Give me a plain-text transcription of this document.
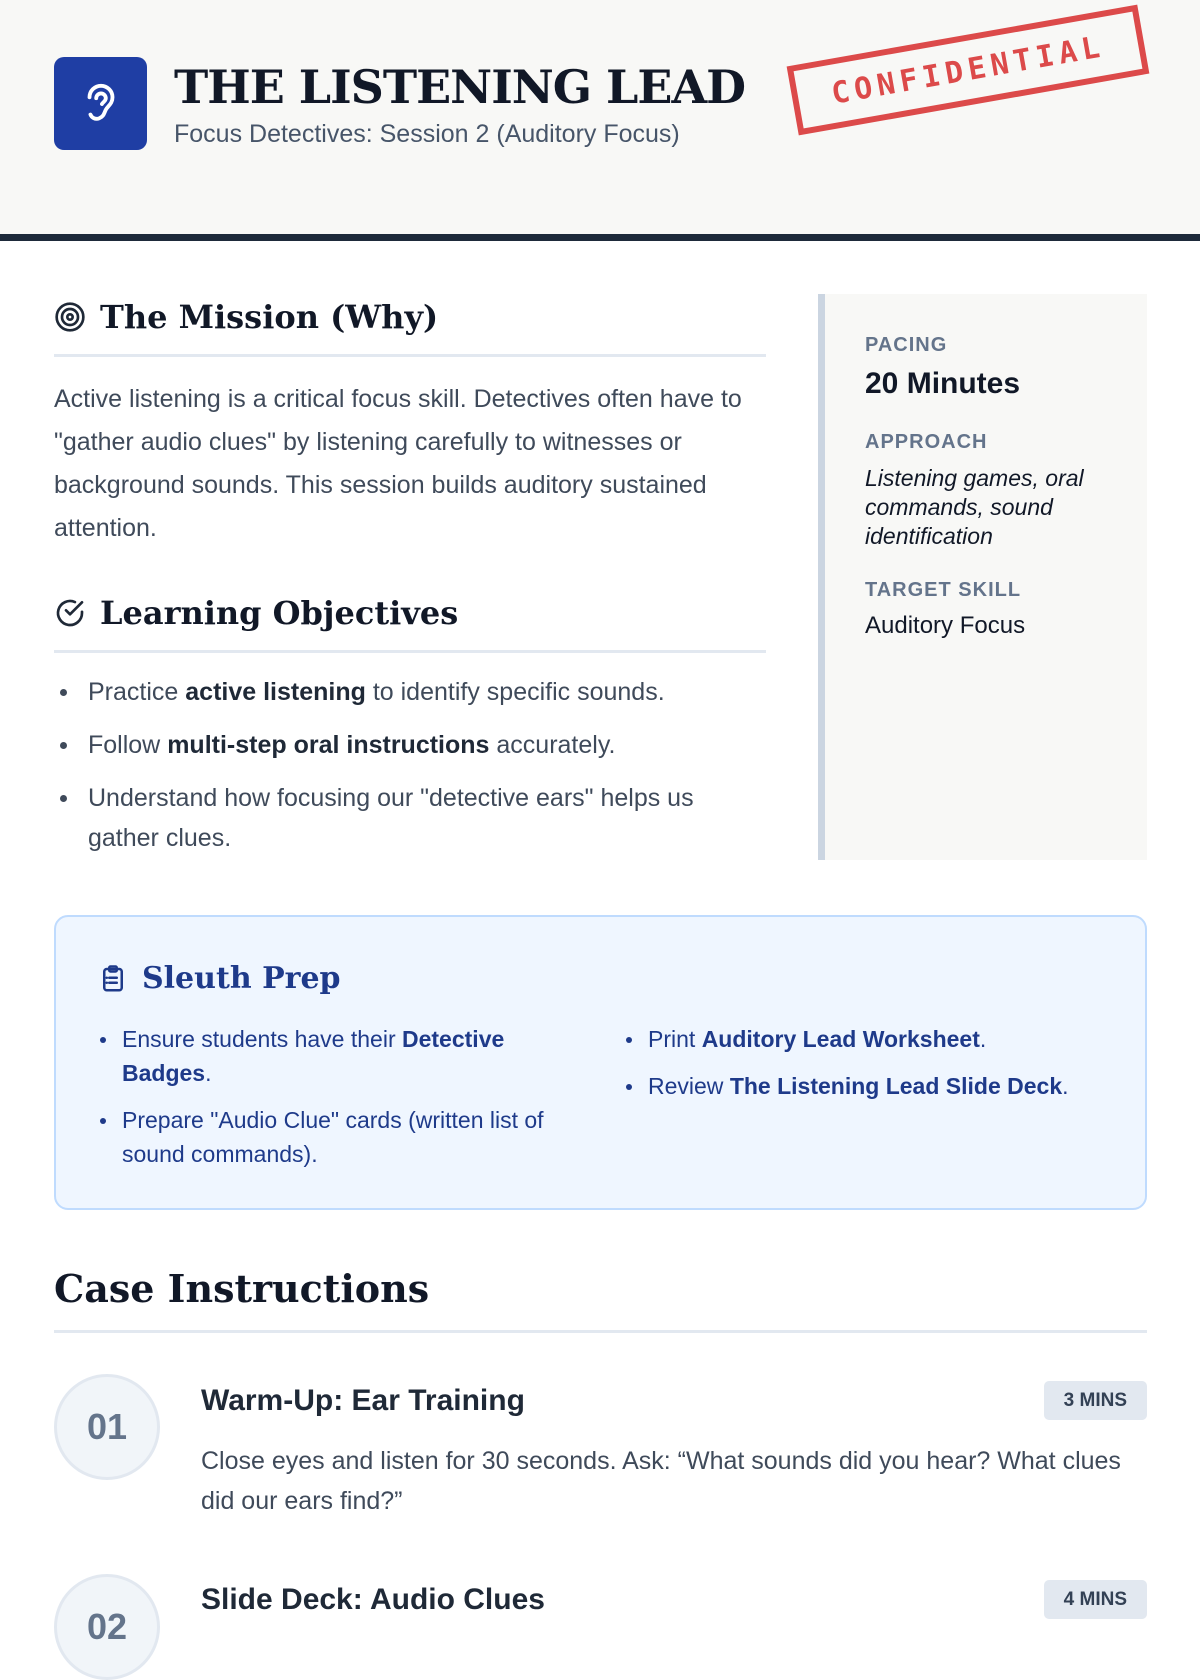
THE LISTENING LEAD
Focus Detectives: Session 2 (Auditory Focus)
CONFIDENTIAL
The Mission (Why)
Active listening is a critical focus skill. Detectives often have to "gather audio clues" by listening carefully to witnesses or background sounds. This session builds auditory sustained attention.
Learning Objectives
Practice active listening to identify specific sounds.
Follow multi-step oral instructions accurately.
Understand how focusing our "detective ears" helps us gather clues.
PACING
20 Minutes
APPROACH
Listening games, oral commands, sound identification
TARGET SKILL
Auditory Focus
Sleuth Prep
Ensure students have their Detective Badges.
Prepare "Audio Clue" cards (written list of sound commands).
Print Auditory Lead Worksheet.
Review The Listening Lead Slide Deck.
Case Instructions
01
Warm-Up: Ear Training	3 MINS
Close eyes and listen for 30 seconds. Ask: “What sounds did you hear? What clues did our ears find?”
02
Slide Deck: Audio Clues	4 MINS
